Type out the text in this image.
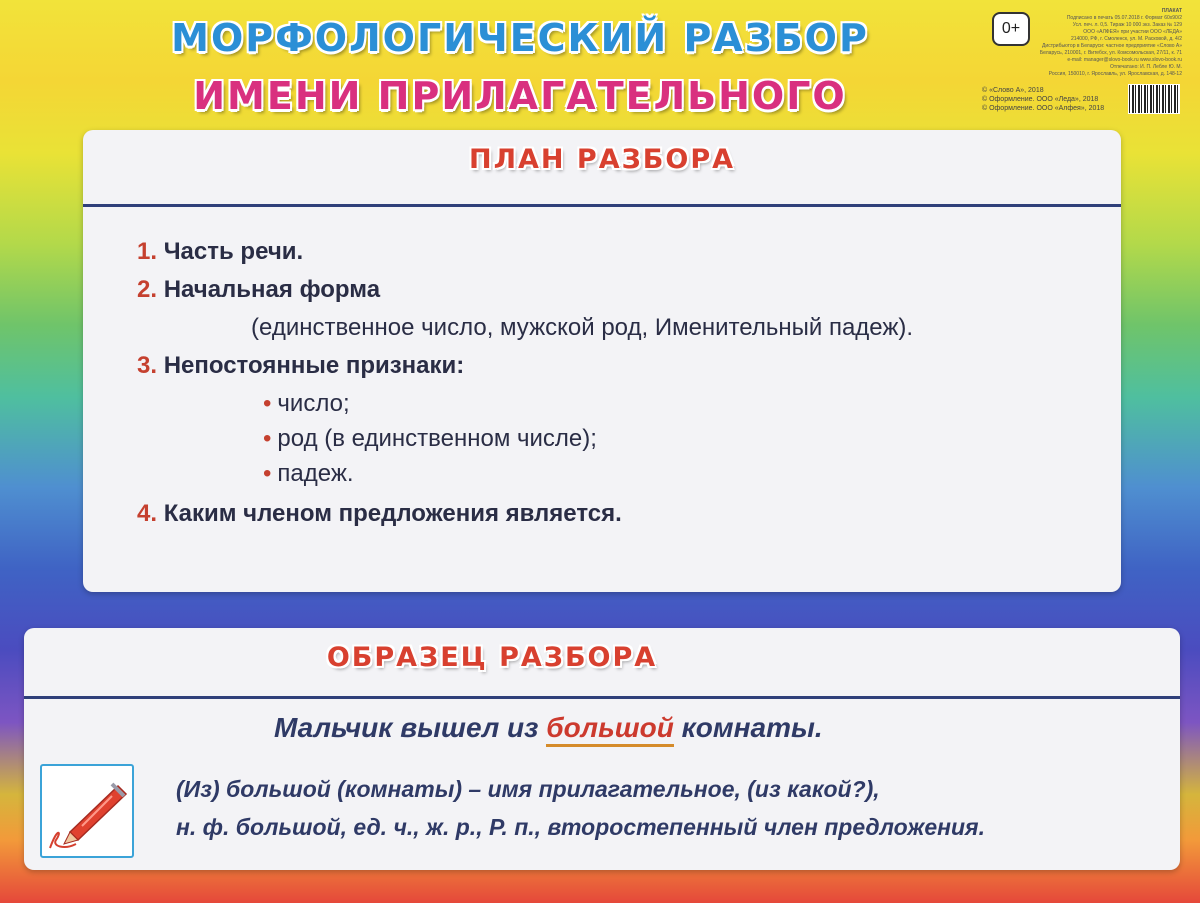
МОРФОЛОГИЧЕСКИЙ РАЗБОР
ИМЕНИ ПРИЛАГАТЕЛЬНОГО
0+
ПЛАКАТ
Подписано в печать 05.07.2018 г. Формат 60х90/2
Усл. печ. л. 0,5. Тираж 10 000 экз. Заказ № 129
ООО «АЛФЕЯ» при участии ООО «ЛЕДА»
214000, РФ, г. Смоленск, ул. М. Расковой, д. 4/2
Дистрибьютор в Беларуси: частное предприятие «Слово А»
Беларусь, 210001, г. Витебск, ул. Комсомольская, 27/11, к. 71
e-mail: manager@slovo-book.ru www.slovo-book.ru
Отпечатано: И. П. Лебле Ю. М.
Россия, 150010, г. Ярославль, ул. Ярославская, д. 148-12
© «Слово А», 2018
© Оформление. ООО «Леда», 2018
© Оформление. ООО «Алфея», 2018
ПЛАН РАЗБОРА
1. Часть речи.
2. Начальная форма
(единственное число, мужской род, Именительный падеж).
3. Непостоянные признаки:
• число;
• род (в единственном числе);
• падеж.
4. Каким членом предложения является.
ОБРАЗЕЦ РАЗБОРА
Мальчик вышел из большой комнаты.
(Из) большой (комнаты) – имя прилагательное, (из какой?),
н. ф. большой, ед. ч., ж. р., Р. п., второстепенный член предложения.
